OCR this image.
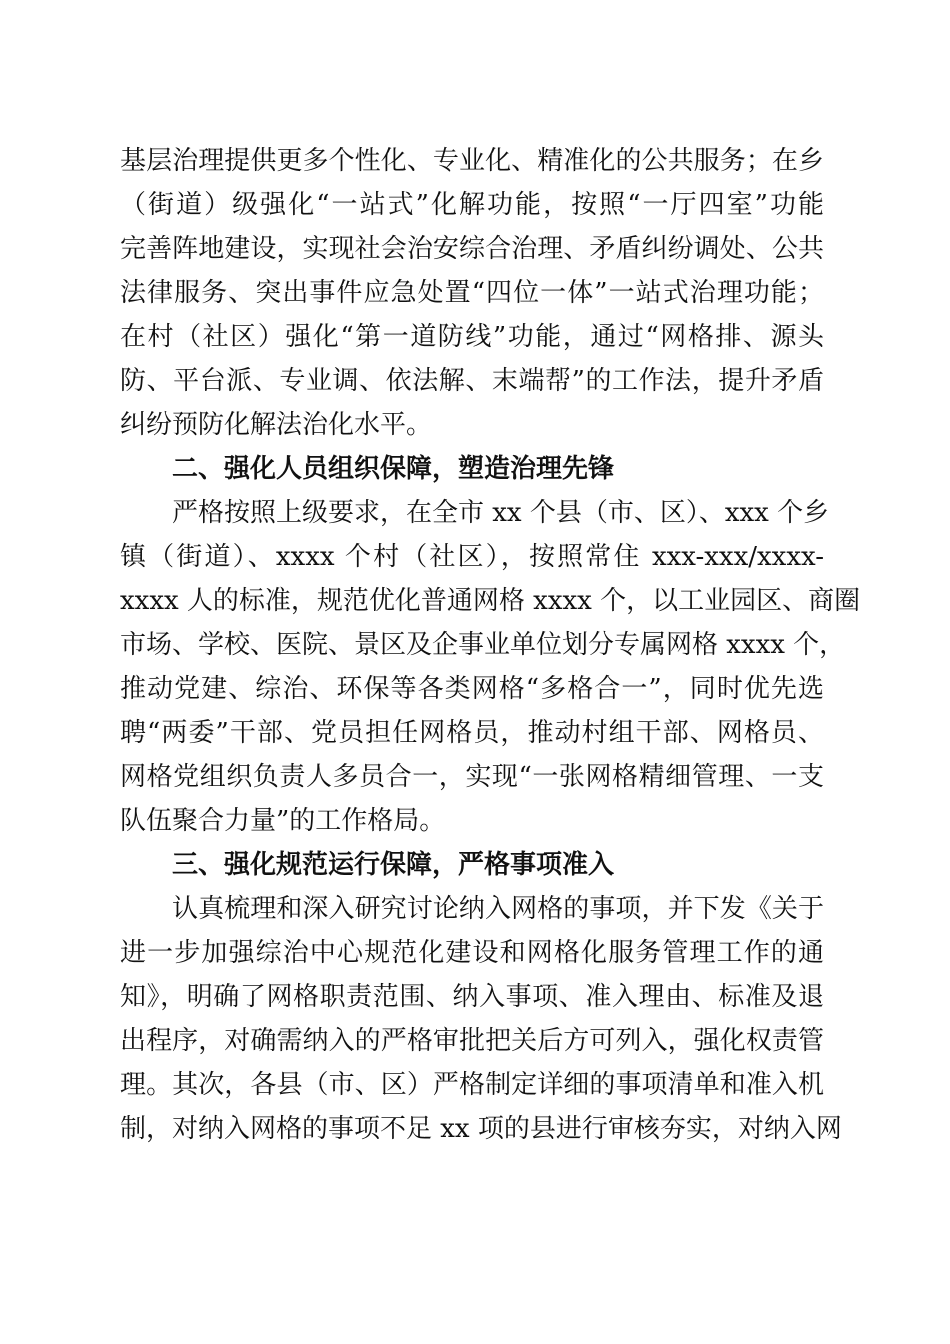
基层治理提供更多个性化、专业化、精准化的公共服务；在乡
（街道）级强化“一站式”化解功能，按照“一厅四室”功能
完善阵地建设，实现社会治安综合治理、矛盾纠纷调处、公共
法律服务、突出事件应急处置“四位一体”一站式治理功能；
在村（社区）强化“第一道防线”功能，通过“网格排、源头
防、平台派、专业调、依法解、末端帮”的工作法，提升矛盾
纠纷预防化解法治化水平。
二、强化人员组织保障，塑造治理先锋
严格按照上级要求，在全市 xx 个县（市、区）、xxx 个乡
镇（街道）、xxxx 个村（社区），按照常住 xxx-xxx/xxxx-
xxxx 人的标准，规范优化普通网格 xxxx 个，以工业园区、商圈
市场、学校、医院、景区及企事业单位划分专属网格 xxxx 个，
推动党建、综治、环保等各类网格“多格合一”，同时优先选
聘“两委”干部、党员担任网格员，推动村组干部、网格员、
网格党组织负责人多员合一，实现“一张网格精细管理、一支
队伍聚合力量”的工作格局。
三、强化规范运行保障，严格事项准入
认真梳理和深入研究讨论纳入网格的事项，并下发《关于
进一步加强综治中心规范化建设和网格化服务管理工作的通
知》，明确了网格职责范围、纳入事项、准入理由、标准及退
出程序，对确需纳入的严格审批把关后方可列入，强化权责管
理。其次，各县（市、区）严格制定详细的事项清单和准入机
制，对纳入网格的事项不足 xx 项的县进行审核夯实，对纳入网
